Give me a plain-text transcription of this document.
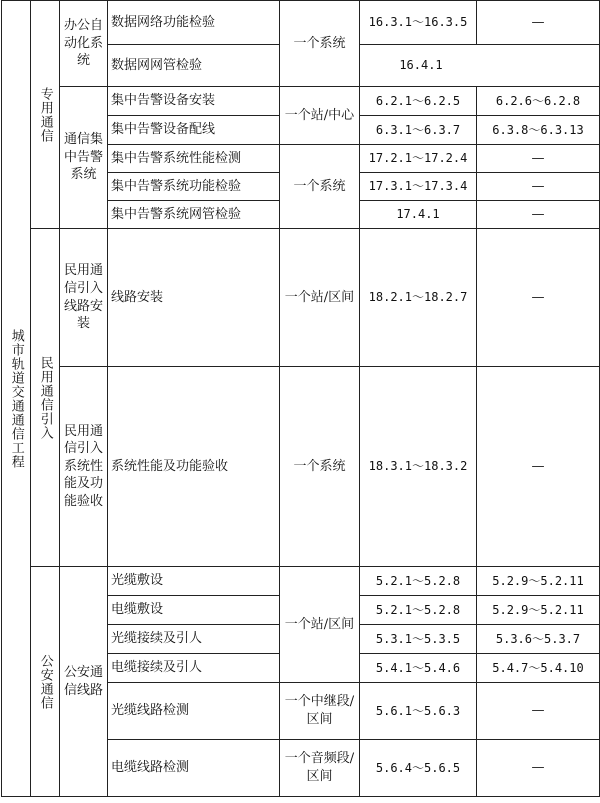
城市轨道交通通信工程	专用通信	办公自动化系统	数据网络功能检验	一个系统	16.3.1～16.3.5	—
			数据网网管检验		16.4.1	
		通信集中告警系统	集中告警设备安装	一个站/中心	6.2.1～6.2.5	6.2.6～6.2.8
			集中告警设备配线		6.3.1～6.3.7	6.3.8～6.3.13
			集中告警系统性能检测	一个系统	17.2.1～17.2.4	—
			集中告警系统功能检验		17.3.1～17.3.4	—
			集中告警系统网管检验		17.4.1	—
	民用通信引入	民用通信引入线路安装	线路安装	一个站/区间	18.2.1～18.2.7	—
		民用通信引入系统性能及功能验收	系统性能及功能验收	一个系统	18.3.1～18.3.2	—
	公安通信	公安通信线路	光缆敷设	一个站/区间	5.2.1～5.2.8	5.2.9～5.2.11
			电缆敷设		5.2.1～5.2.8	5.2.9～5.2.11
			光缆接续及引人		5.3.1～5.3.5	5.3.6～5.3.7
			电缆接续及引人		5.4.1～5.4.6	5.4.7～5.4.10
			光缆线路检测	一个中继段/区间	5.6.1～5.6.3	—
			电缆线路检测	一个音频段/区间	5.6.4～5.6.5	—
